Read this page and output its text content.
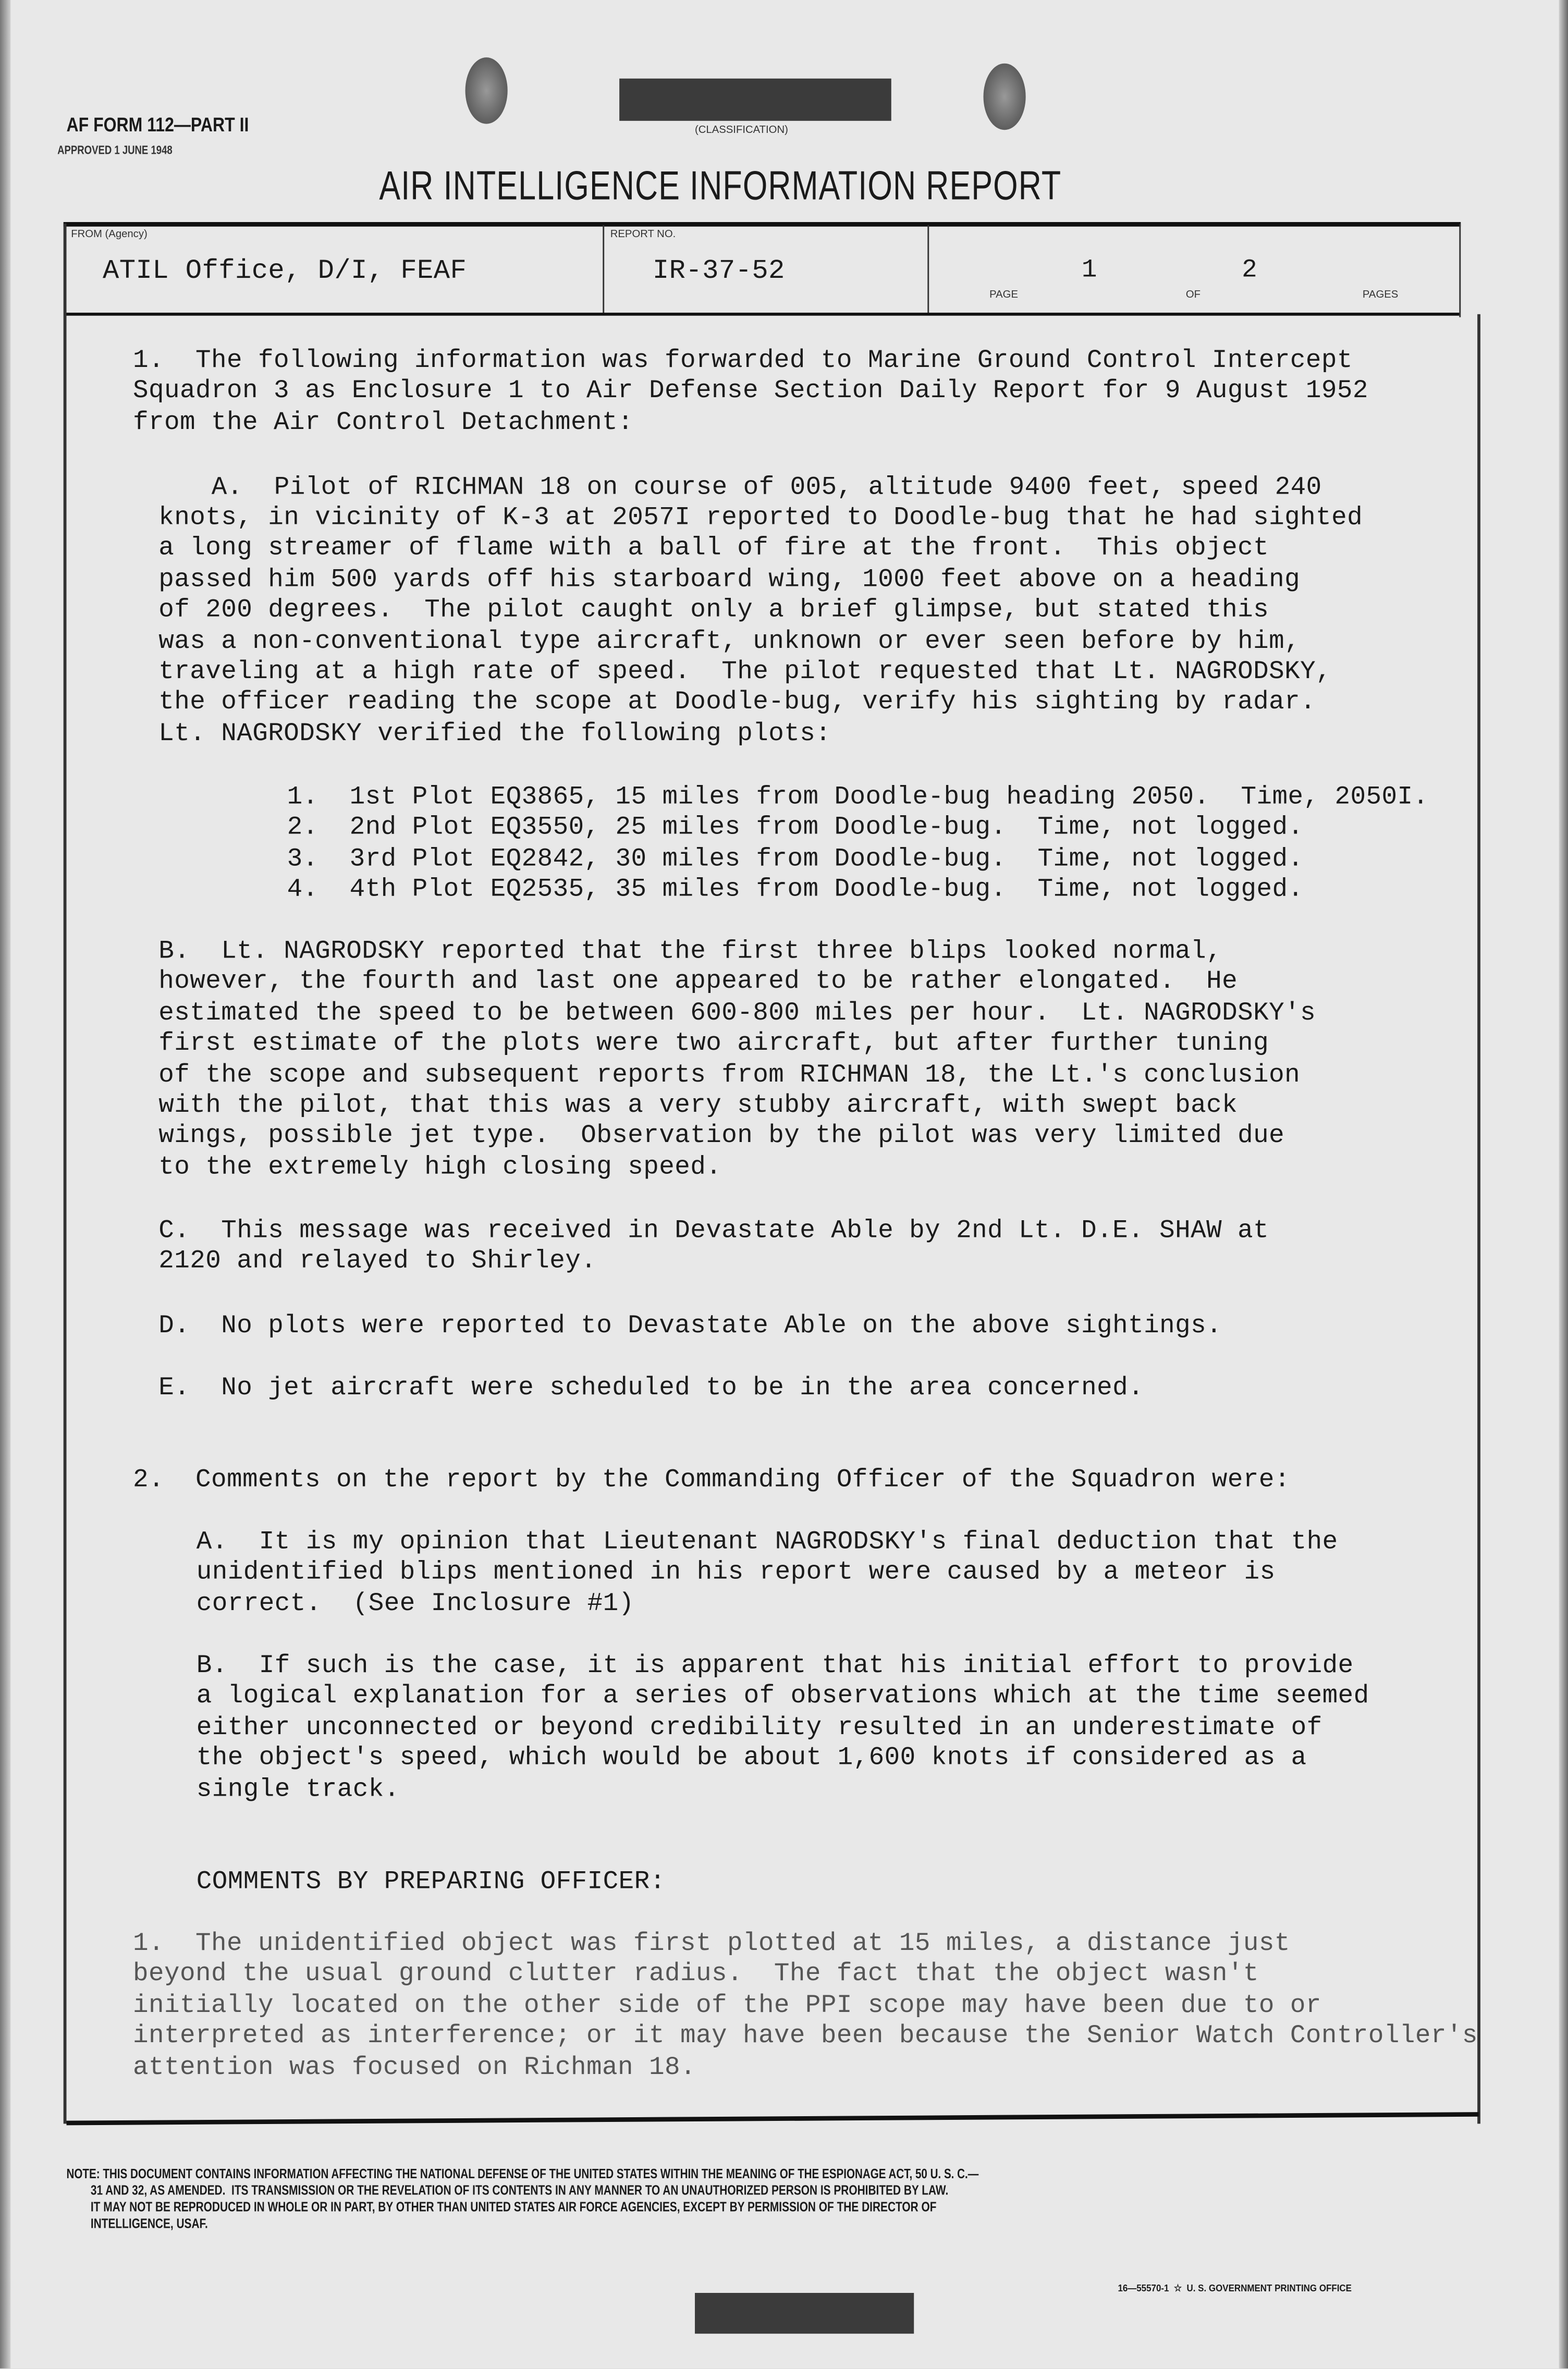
(CLASSIFICATION)
AF FORM 112—PART II
APPROVED 1 JUNE 1948
AIR INTELLIGENCE INFORMATION REPORT
FROM (Agency)
ATIL Office, D/I, FEAF
REPORT NO.
IR-37-52	1	2
PAGE	OF	PAGES
1.  The following information was forwarded to Marine Ground Control Intercept
Squadron 3 as Enclosure 1 to Air Defense Section Daily Report for 9 August 1952
from the Air Control Detachment:
A.  Pilot of RICHMAN 18 on course of 005, altitude 9400 feet, speed 240
knots, in vicinity of K-3 at 2057I reported to Doodle-bug that he had sighted
a long streamer of flame with a ball of fire at the front.  This object
passed him 500 yards off his starboard wing, 1000 feet above on a heading
of 200 degrees.  The pilot caught only a brief glimpse, but stated this
was a non-conventional type aircraft, unknown or ever seen before by him,
traveling at a high rate of speed.  The pilot requested that Lt. NAGRODSKY,
the officer reading the scope at Doodle-bug, verify his sighting by radar.
Lt. NAGRODSKY verified the following plots:
1.  1st Plot EQ3865, 15 miles from Doodle-bug heading 2050.  Time, 2050I.
2.  2nd Plot EQ3550, 25 miles from Doodle-bug.  Time, not logged.
3.  3rd Plot EQ2842, 30 miles from Doodle-bug.  Time, not logged.
4.  4th Plot EQ2535, 35 miles from Doodle-bug.  Time, not logged.
B.  Lt. NAGRODSKY reported that the first three blips looked normal,
however, the fourth and last one appeared to be rather elongated.  He
estimated the speed to be between 600-800 miles per hour.  Lt. NAGRODSKY's
first estimate of the plots were two aircraft, but after further tuning
of the scope and subsequent reports from RICHMAN 18, the Lt.'s conclusion
with the pilot, that this was a very stubby aircraft, with swept back
wings, possible jet type.  Observation by the pilot was very limited due
to the extremely high closing speed.
C.  This message was received in Devastate Able by 2nd Lt. D.E. SHAW at
2120 and relayed to Shirley.
D.  No plots were reported to Devastate Able on the above sightings.
E.  No jet aircraft were scheduled to be in the area concerned.
2.  Comments on the report by the Commanding Officer of the Squadron were:
A.  It is my opinion that Lieutenant NAGRODSKY's final deduction that the
unidentified blips mentioned in his report were caused by a meteor is
correct.  (See Inclosure #1)
B.  If such is the case, it is apparent that his initial effort to provide
a logical explanation for a series of observations which at the time seemed
either unconnected or beyond credibility resulted in an underestimate of
the object's speed, which would be about 1,600 knots if considered as a
single track.
COMMENTS BY PREPARING OFFICER:
1.  The unidentified object was first plotted at 15 miles, a distance just
beyond the usual ground clutter radius.  The fact that the object wasn't
initially located on the other side of the PPI scope may have been due to or
interpreted as interference; or it may have been because the Senior Watch Controller's
attention was focused on Richman 18.
NOTE: THIS DOCUMENT CONTAINS INFORMATION AFFECTING THE NATIONAL DEFENSE OF THE UNITED STATES WITHIN THE MEANING OF THE ESPIONAGE ACT, 50 U. S. C.—
31 AND 32, AS AMENDED.  ITS TRANSMISSION OR THE REVELATION OF ITS CONTENTS IN ANY MANNER TO AN UNAUTHORIZED PERSON IS PROHIBITED BY LAW.
IT MAY NOT BE REPRODUCED IN WHOLE OR IN PART, BY OTHER THAN UNITED STATES AIR FORCE AGENCIES, EXCEPT BY PERMISSION OF THE DIRECTOR OF
INTELLIGENCE, USAF.
16—55570-1  ☆  U. S. GOVERNMENT PRINTING OFFICE
